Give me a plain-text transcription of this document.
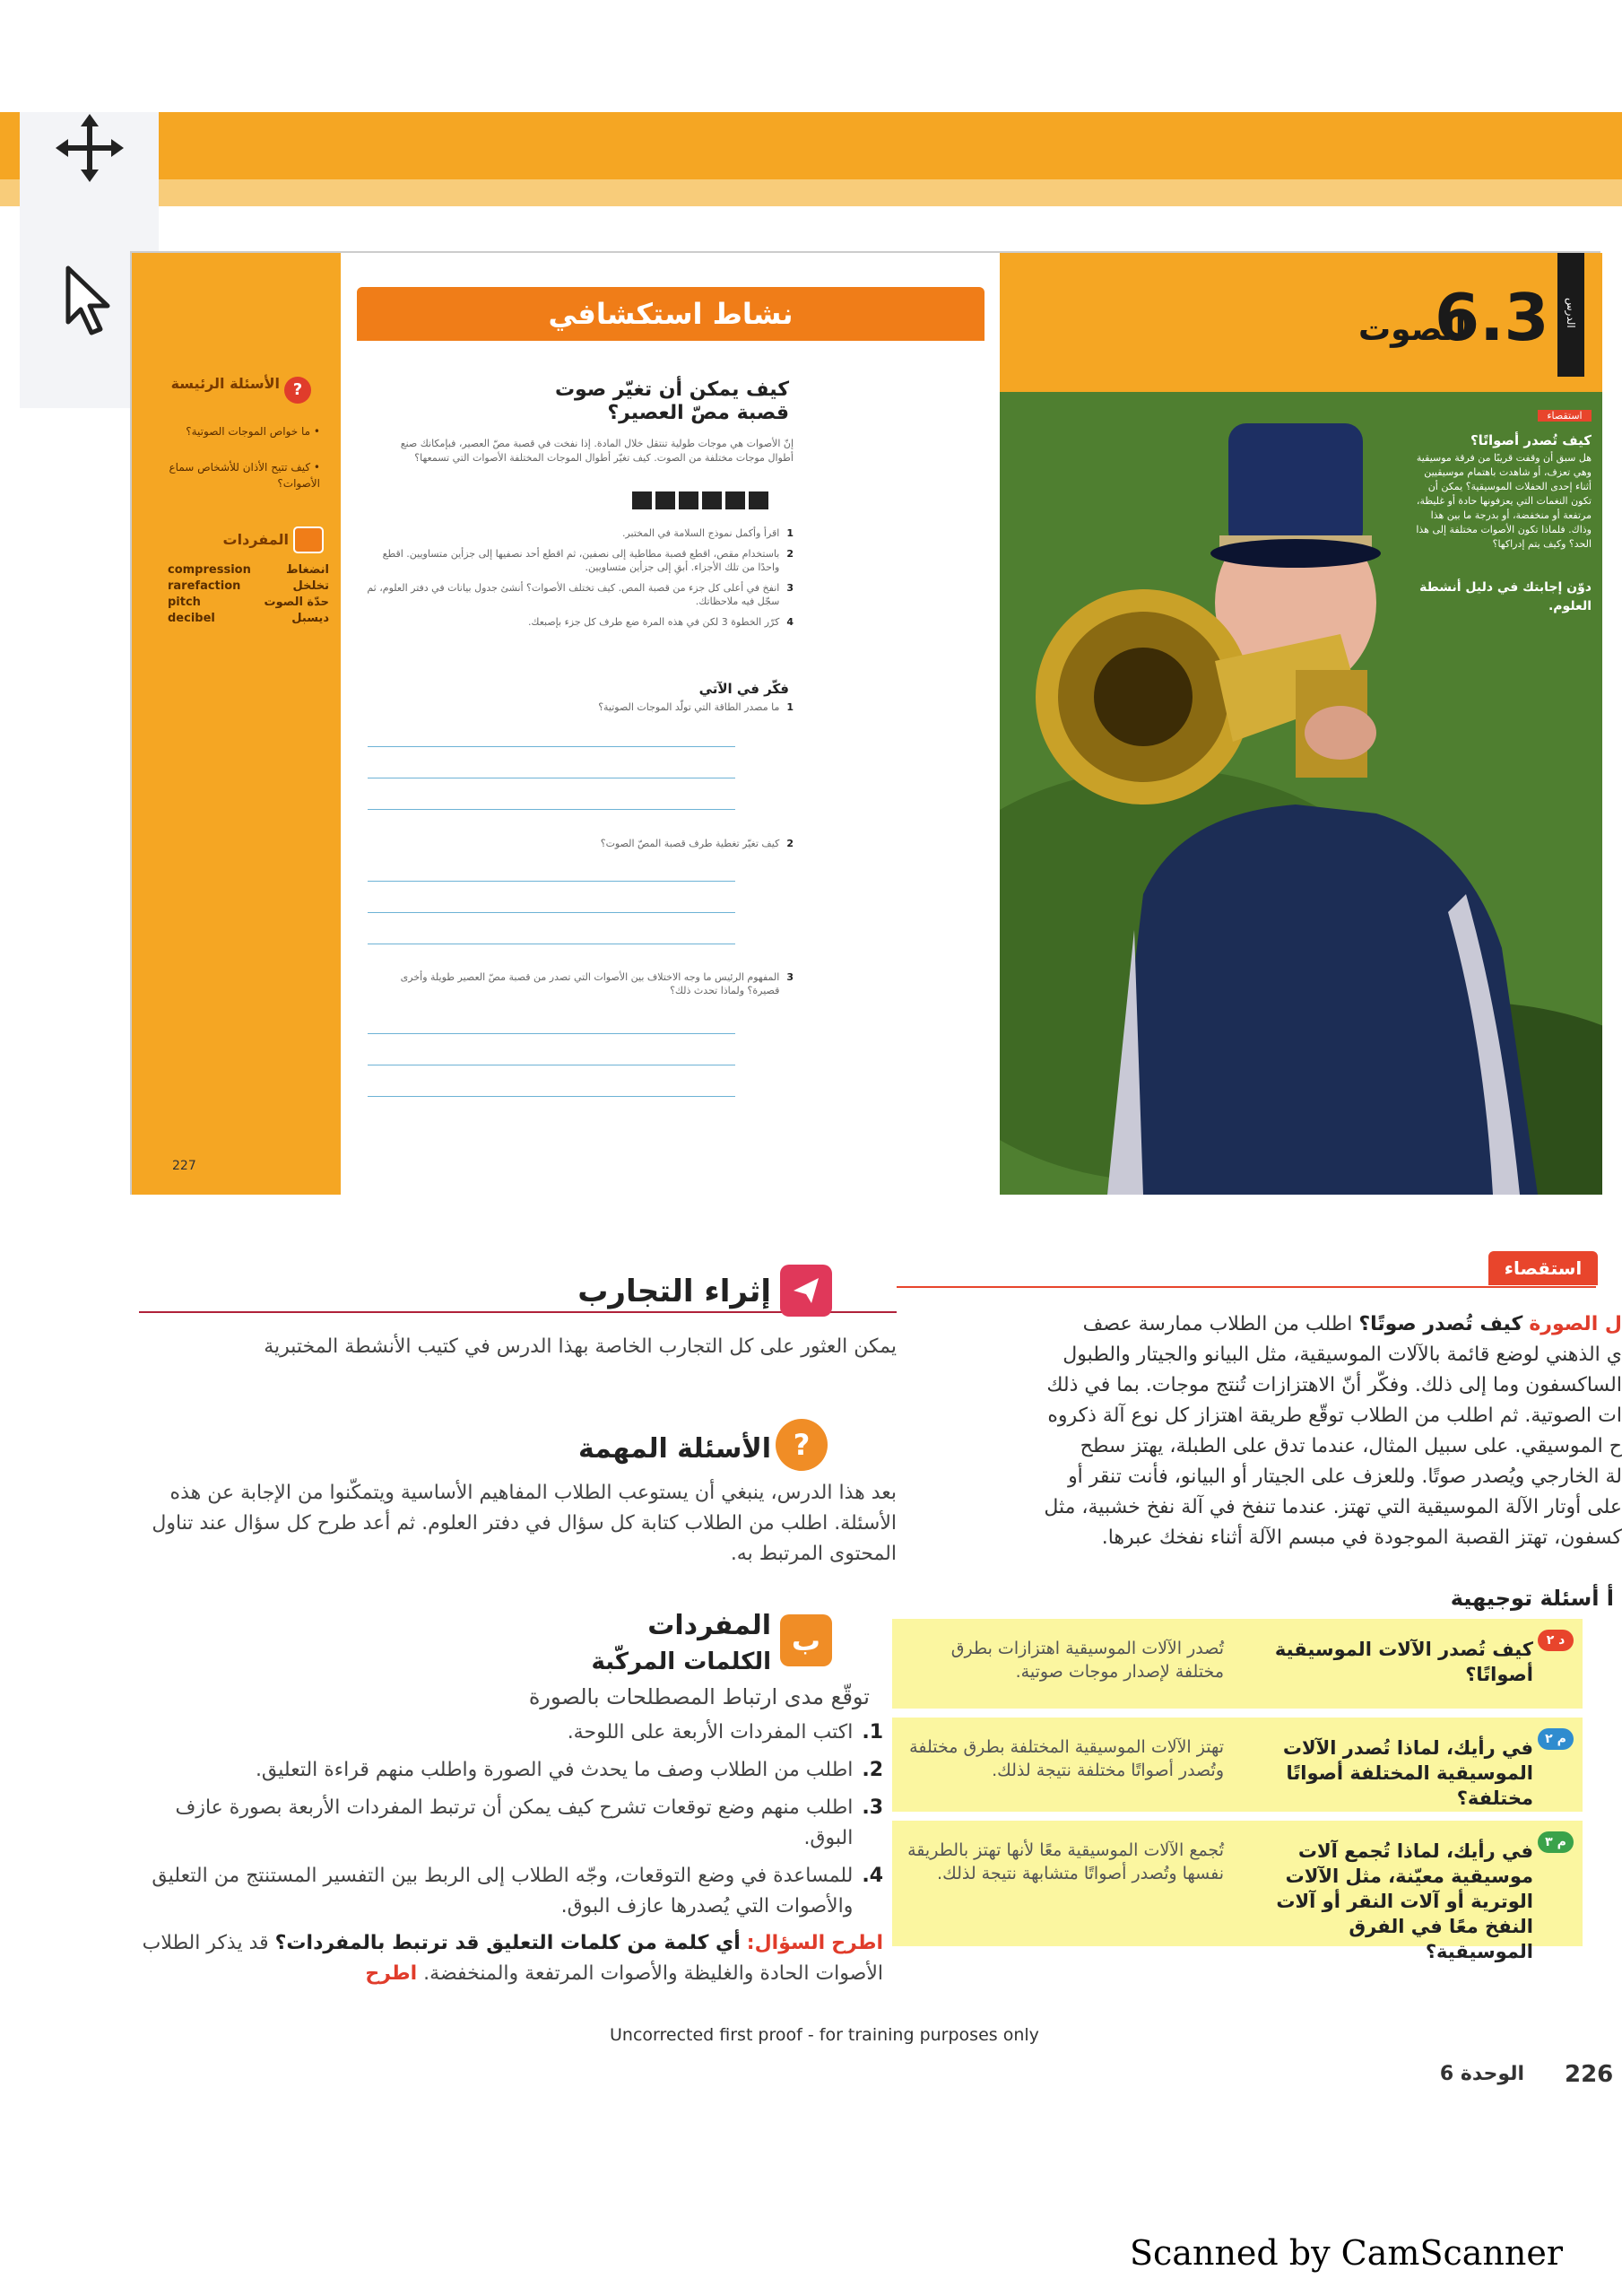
?
الأسئلة الرئيسة
• ما خواص الموجات الصوتية؟
• كيف تتيح الأذان للأشخاص سماع الأصوات؟
المفردات
compression	انضغاط
rarefaction	تخلخل
pitch	حدّة الصوت
decibel	ديسبل
227
نشاط استكشافي
كيف يمكن أن تغيّر صوت قصبة مصّ العصير؟
إنّ الأصوات هي موجات طولية تنتقل خلال المادة. إذا نفخت في قصبة مصّ العصير، فبإمكانك صنع أطوال موجات مختلفة من الصوت. كيف تغيّر أطوال الموجات المختلفة الأصوات التي تسمعها؟
1
اقرأ وأكمل نموذج السلامة في المختبر.
2
باستخدام مقص، اقطع قصبة مطاطية إلى نصفين، ثم اقطع أحد نصفيها إلى جزأين متساويين. اقطع واحدًا من تلك الأجزاء. أبقِ إلى جزأين متساويين.
3
انفخ في أعلى كل جزء من قصبة المص. كيف تختلف الأصوات؟ أنشئ جدول بيانات في دفتر العلوم، ثم سجّل فيه ملاحظاتك.
4
كرّر الخطوة 3 لكن في هذه المرة ضع طرف كل جزء بإصبعك.
فكّر في الآتي
1
ما مصدر الطاقة التي تولّد الموجات الصوتية؟
2
كيف تغيّر تغطية طرف قصبة المصّ الصوت؟
3
المفهوم الرئيس ما وجه الاختلاف بين الأصوات التي تصدر من قصبة مصّ العصير طويلة وأخرى قصيرة؟ ولماذا تحدث ذلك؟
الدرس
6.3
الصوت
استقصاء
كيف تُصدر أصواتًا؟
هل سبق أن وقفت قريبًا من فرقة موسيقية وهي تعزف، أو شاهدت باهتمام موسيقيين أثناء إحدى الحفلات الموسيقية؟ يمكن أن تكون النغمات التي يعزفونها حادة أو غليظة، مرتفعة أو منخفضة، أو بدرجة ما بين هذا وذاك. فلماذا تكون الأصوات مختلفة إلى هذا الحد؟ وكيف يتم إدراكها؟
دوّن إجابتك في دليل أنشطة العلوم.
استقصاء
ل الصورة كيف تُصدر صوتًا؟ اطلب من الطلاب ممارسة عصف
ي الذهني لوضع قائمة بالآلات الموسيقية، مثل البيانو والجيتار والطبول
الساكسفون وما إلى ذلك. وفكّر أنّ الاهتزازات تُنتج موجات. بما في ذلك
ات الصوتية. ثم اطلب من الطلاب توقّع طريقة اهتزاز كل نوع آلة ذكروه
ح الموسيقي. على سبيل المثال، عندما تدق على الطبلة، يهتز سطح
لة الخارجي ويُصدر صوتًا. وللعزف على الجيتار أو البيانو، فأنت تنقر أو
على أوتار الآلة الموسيقية التي تهتز. عندما تنفخ في آلة نفخ خشبية، مثل
كسفون، تهتز القصبة الموجودة في مبسم الآلة أثناء نفخك عبرها.
أ أسئلة توجيهية
د ٢
كيف تُصدر الآلات الموسيقية أصواتًا؟
تُصدر الآلات الموسيقية اهتزازات بطرق مختلفة لإصدار موجات صوتية.
م ٢
في رأيك، لماذا تُصدر الآلات الموسيقية المختلفة أصواتًا مختلفة؟
تهتز الآلات الموسيقية المختلفة بطرق مختلفة وتُصدر أصواتًا مختلفة نتيجة لذلك.
م ٣
في رأيك، لماذا تُجمع آلات موسيقية معيّنة، مثل الآلات الوترية أو آلات النقر أو آلات النفخ معًا في الفرق الموسيقية؟
تُجمع الآلات الموسيقية معًا لأنها تهتز بالطريقة نفسها وتُصدر أصواتًا متشابهة نتيجة لذلك.
إثراء التجارب
يمكن العثور على كل التجارب الخاصة بهذا الدرس في كتيب الأنشطة المختبرية
?
الأسئلة المهمة
بعد هذا الدرس، ينبغي أن يستوعب الطلاب المفاهيم الأساسية ويتمكّنوا من الإجابة عن هذه الأسئلة. اطلب من الطلاب كتابة كل سؤال في دفتر العلوم. ثم أعد طرح كل سؤال عند تناول المحتوى المرتبط به.
ب
المفردات
الكلمات المركّبة
توقّع مدى ارتباط المصطلحات بالصورة
1.
اكتب المفردات الأربعة على اللوحة.
2.
اطلب من الطلاب وصف ما يحدث في الصورة واطلب منهم قراءة التعليق.
3.
اطلب منهم وضع توقعات تشرح كيف يمكن أن ترتبط المفردات الأربعة بصورة عازف البوق.
4.
للمساعدة في وضع التوقعات، وجّه الطلاب إلى الربط بين التفسير المستنتج من التعليق والأصوات التي يُصدرها عازف البوق.
اطرح السؤال: أي كلمة من كلمات التعليق قد ترتبط بالمفردات؟ قد يذكر الطلاب الأصوات الحادة والغليظة والأصوات المرتفعة والمنخفضة. اطرح
Uncorrected first proof - for training purposes only
الوحدة 6 226
Scanned by CamScanner
